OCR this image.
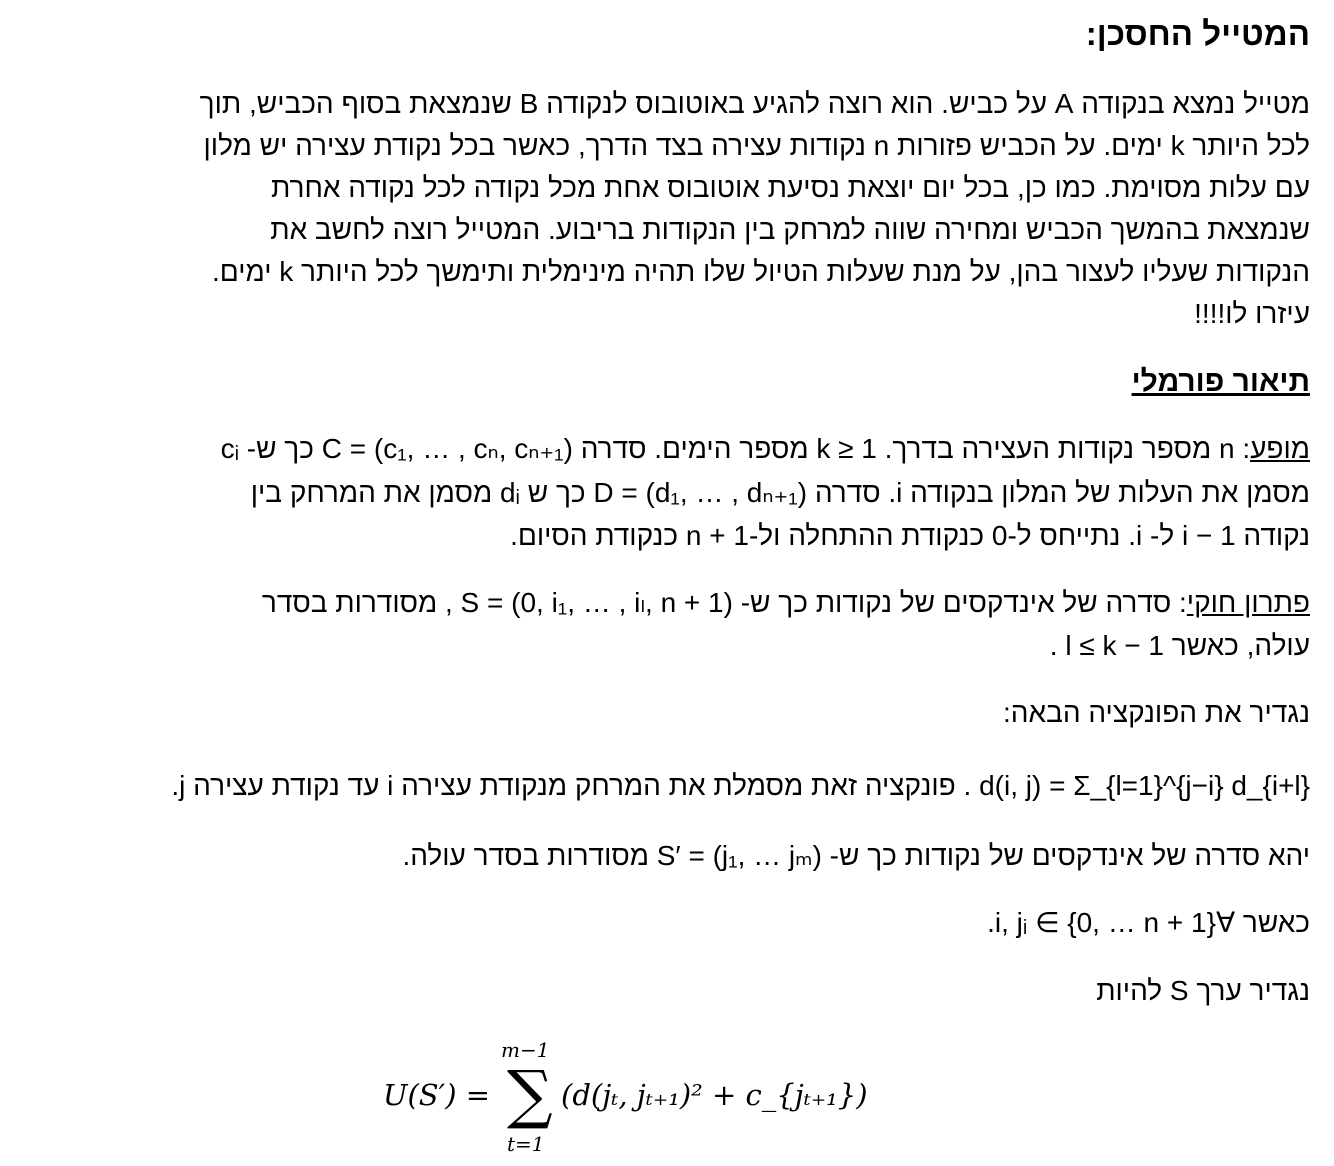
המטייל החסכן:
מטייל נמצא בנקודה A על כביש. הוא רוצה להגיע באוטובוס לנקודה B שנמצאת בסוף הכביש, תוך
לכל היותר k ימים. על הכביש פזורות n נקודות עצירה בצד הדרך, כאשר בכל נקודת עצירה יש מלון
עם עלות מסוימת. כמו כן, בכל יום יוצאת נסיעת אוטובוס אחת מכל נקודה לכל נקודה אחרת
שנמצאת בהמשך הכביש ומחירה שווה למרחק בין הנקודות בריבוע. המטייל רוצה לחשב את
הנקודות שעליו לעצור בהן, על מנת שעלות הטיול שלו תהיה מינימלית ותימשך לכל היותר k ימים.
עיזרו לו!!!!
תיאור פורמלי
מופע: n מספר נקודות העצירה בדרך. k ≥ 1 מספר הימים. סדרה C = (c₁, … , cₙ, cₙ₊₁) כך ש- cᵢ
מסמן את העלות של המלון בנקודה i. סדרה D = (d₁, … , dₙ₊₁) כך ש dᵢ מסמן את המרחק בין
נקודה i − 1 ל- i. נתייחס ל-0 כנקודת ההתחלה ול-n + 1 כנקודת הסיום.
פתרון חוקי: סדרה של אינדקסים של נקודות כך ש- S = (0, i₁, … , iₗ, n + 1) , מסודרות בסדר
עולה, כאשר l ≤ k − 1 .
נגדיר את הפונקציה הבאה:
d(i, j) = Σ_{l=1}^{j−i} d_{i+l} . פונקציה זאת מסמלת את המרחק מנקודת עצירה i עד נקודת עצירה j.
יהא סדרה של אינדקסים של נקודות כך ש- S′ = (j₁, … jₘ) מסודרות בסדר עולה.
כאשר ∀i, jᵢ ∈ {0, … n + 1}.
נגדיר ערך S להיות
U(S′) =
m−1
∑
t=1
(d(jₜ, jₜ₊₁)² + c_{jₜ₊₁})
